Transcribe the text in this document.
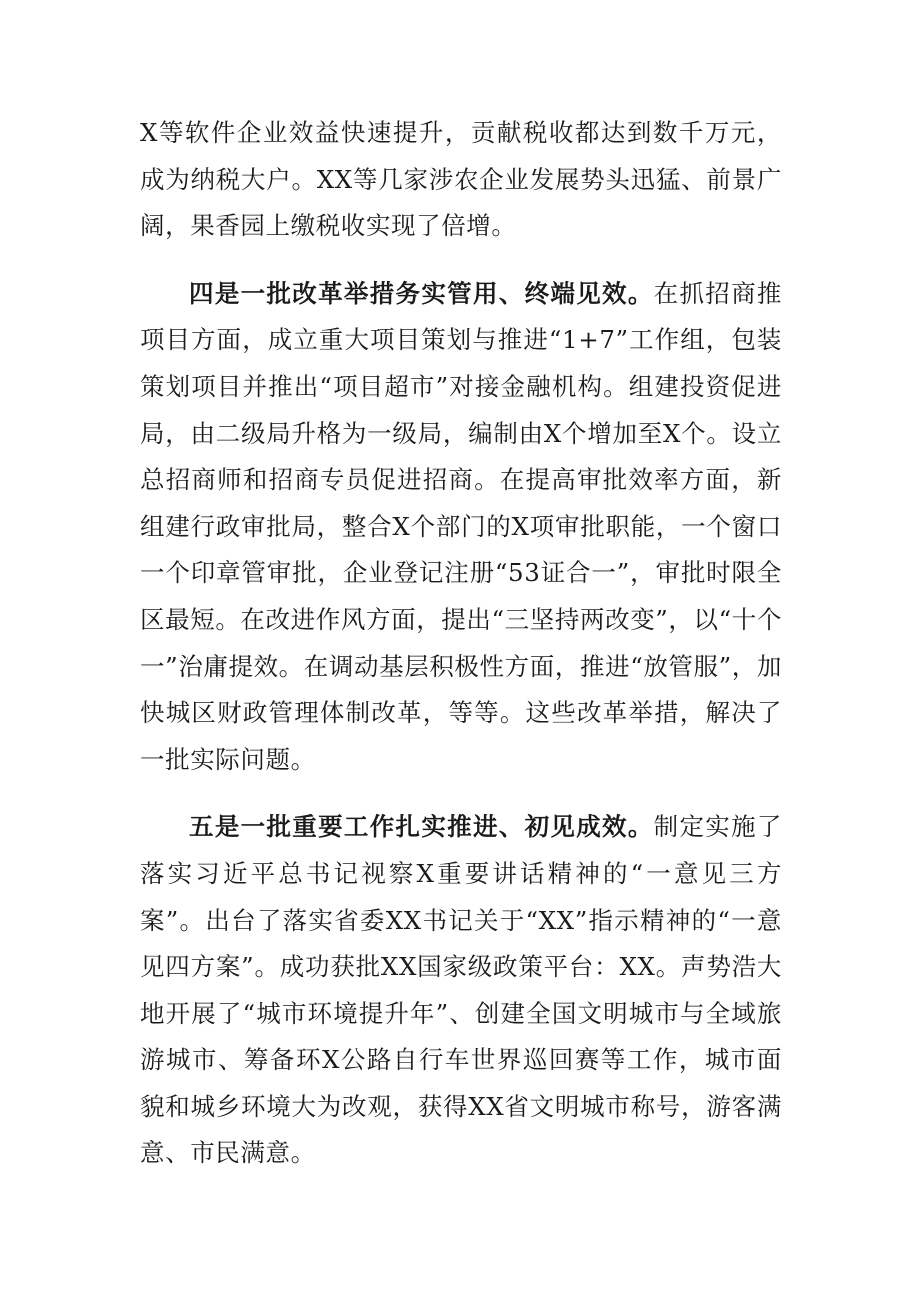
X等软件企业效益快速提升，贡献税收都达到数千万元，成为纳税大户。XX等几家涉农企业发展势头迅猛、前景广阔，果香园上缴税收实现了倍增。

四是一批改革举措务实管用、终端见效。在抓招商推项目方面，成立重大项目策划与推进“1+7”工作组，包装策划项目并推出“项目超市”对接金融机构。组建投资促进局，由二级局升格为一级局，编制由X个增加至X个。设立总招商师和招商专员促进招商。在提高审批效率方面，新组建行政审批局，整合X个部门的X项审批职能，一个窗口一个印章管审批，企业登记注册“53证合一”，审批时限全区最短。在改进作风方面，提出“三坚持两改变”，以“十个一”治庸提效。在调动基层积极性方面，推进“放管服”，加快城区财政管理体制改革，等等。这些改革举措，解决了一批实际问题。

五是一批重要工作扎实推进、初见成效。制定实施了落实习近平总书记视察X重要讲话精神的“一意见三方案”。出台了落实省委XX书记关于“XX”指示精神的“一意见四方案”。成功获批XX国家级政策平台：XX。声势浩大地开展了“城市环境提升年”、创建全国文明城市与全域旅游城市、筹备环X公路自行车世界巡回赛等工作，城市面貌和城乡环境大为改观，获得XX省文明城市称号，游客满意、市民满意。
